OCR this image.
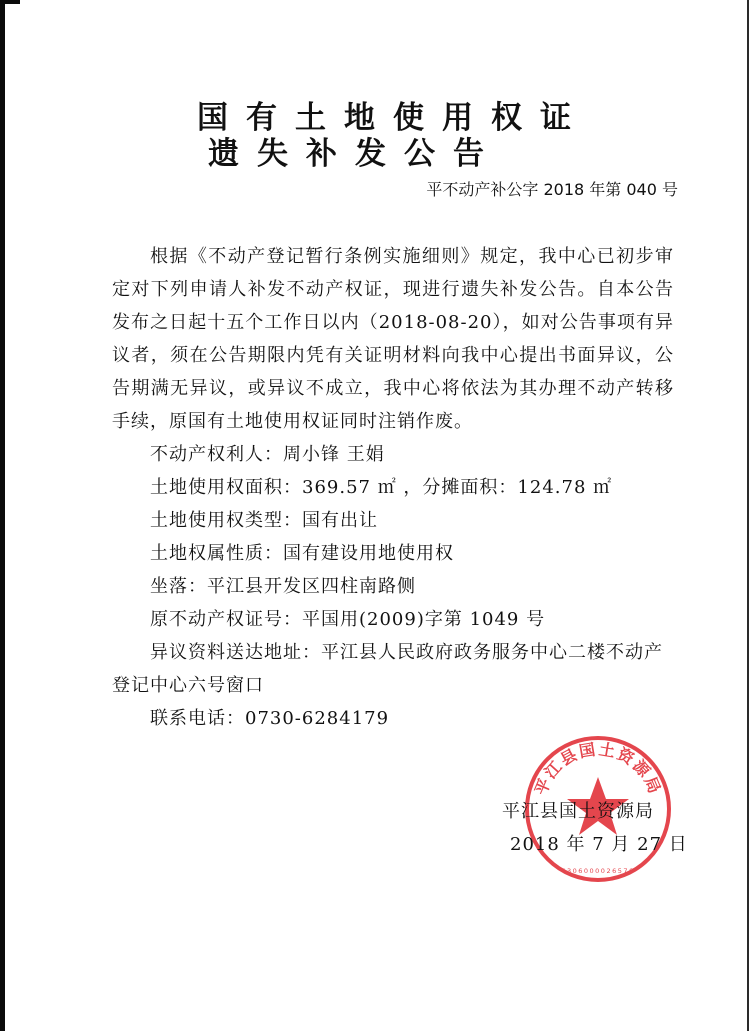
国有土地使用权证
遗失补发公告
平不动产补公字 2018 年第 040 号
根据《不动产登记暂行条例实施细则》规定，我中心已初步审定对下列申请人补发不动产权证，现进行遗失补发公告。自本公告发布之日起十五个工作日以内（2018-08-20），如对公告事项有异议者，须在公告期限内凭有关证明材料向我中心提出书面异议，公告期满无异议，或异议不成立，我中心将依法为其办理不动产转移手续，原国有土地使用权证同时注销作废。
不动产权利人：周小锋 王娟
土地使用权面积：369.57 ㎡ ，分摊面积：124.78 ㎡
土地使用权类型：国有出让
土地权属性质：国有建设用地使用权
坐落：平江县开发区四柱南路侧
原不动产权证号：平国用(2009)字第 1049 号
异议资料送达地址：平江县人民政府政务服务中心二楼不动产登记中心六号窗口
联系电话：0730-6284179
平江县国土资源局
4306000026576
平江县国土资源局
2018 年 7 月 27 日
